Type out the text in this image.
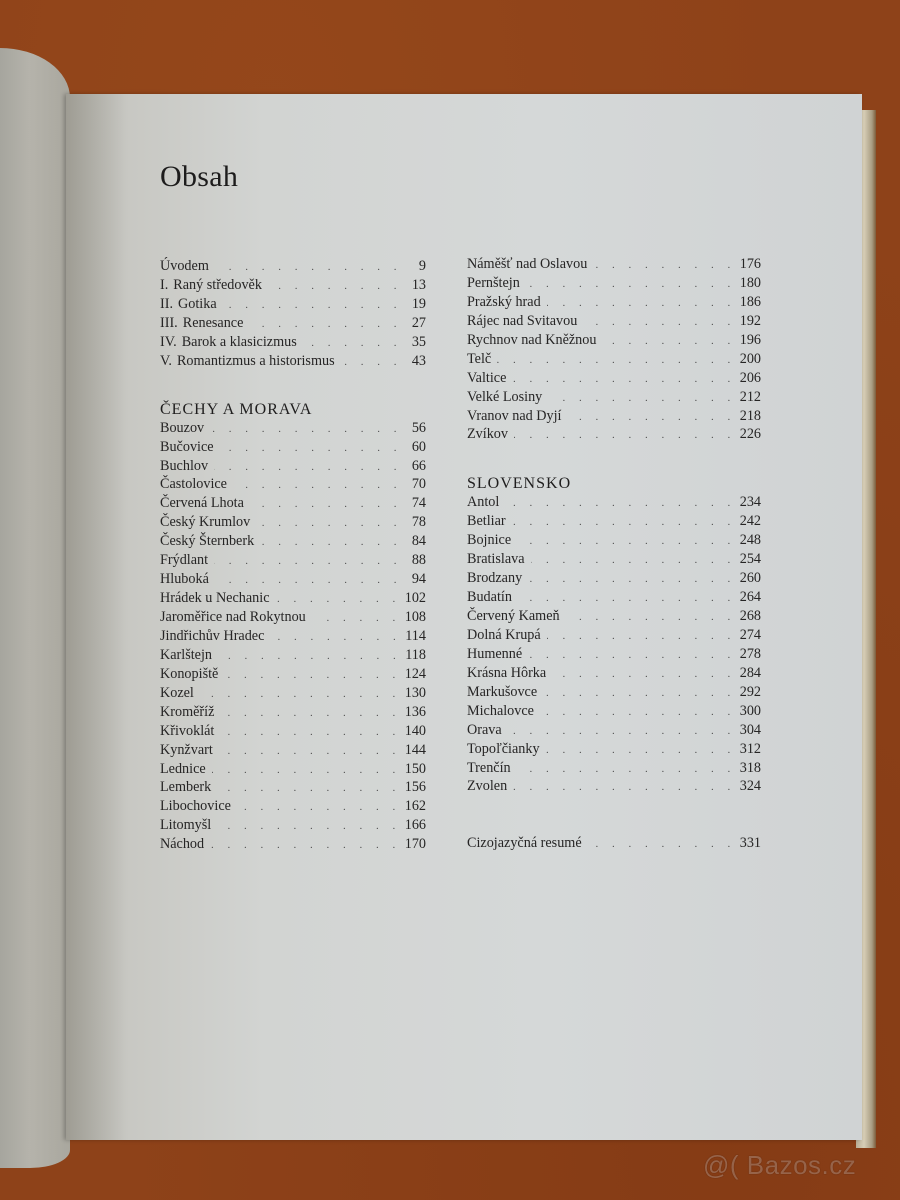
Obsah
Úvodem . . .	9
I. Raný středověk . . .	13
II. Gotika . . .	19
III. Renesance . . .	27
IV. Barok a klasicizmus . . .	35
V. Romantizmus a historismus . . .	43
ČECHY A MORAVA
Bouzov . . .	56
Bučovice . . .	60
Buchlov . . .	66
Častolovice . . .	70
Červená Lhota . . .	74
Český Krumlov . . .	78
Český Šternberk . . .	84
Frýdlant . . .	88
Hluboká . . .	94
Hrádek u Nechanic . . .	102
Jaroměřice nad Rokytnou . . .	108
Jindřichův Hradec . . .	114
Karlštejn . . .	118
Konopiště . . .	124
Kozel . . .	130
Kroměříž . . .	136
Křivoklát . . .	140
Kynžvart . . .	144
Lednice . . .	150
Lemberk . . .	156
Libochovice . . .	162
Litomyšl . . .	166
Náchod . . .	170
Náměšť nad Oslavou . . .	176
Pernštejn . . .	180
Pražský hrad . . .	186
Rájec nad Svitavou . . .	192
Rychnov nad Kněžnou . . .	196
Telč . . .	200
Valtice . . .	206
Velké Losiny . . .	212
Vranov nad Dyjí . . .	218
Zvíkov . . .	226
SLOVENSKO
Antol . . .	234
Betliar . . .	242
Bojnice . . .	248
Bratislava . . .	254
Brodzany . . .	260
Budatín . . .	264
Červený Kameň . . .	268
Dolná Krupá . . .	274
Humenné . . .	278
Krásna Hôrka . . .	284
Markušovce . . .	292
Michalovce . . .	300
Orava . . .	304
Topoľčianky . . .	312
Trenčín . . .	318
Zvolen . . .	324
Cizojazyčná resumé . . .	331
@( Bazos.cz
